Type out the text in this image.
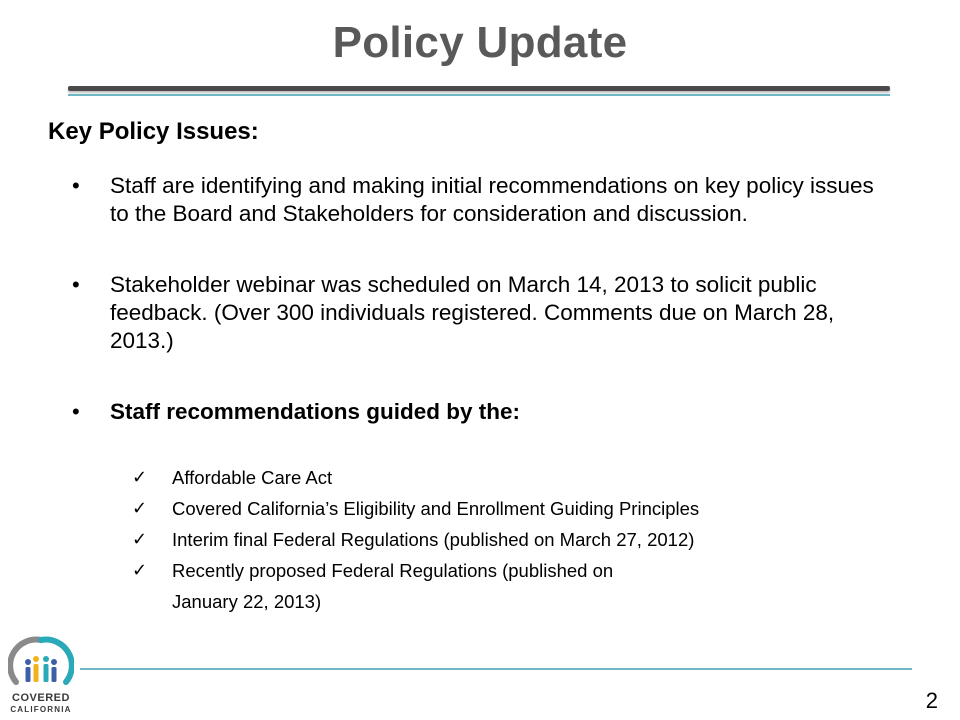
Policy Update
Key Policy Issues:
• Staff are identifying and making initial recommendations on key policy issues to the Board and Stakeholders for consideration and discussion.
• Stakeholder webinar was scheduled on March 14, 2013 to solicit public feedback. (Over 300 individuals registered. Comments due on March 28, 2013.)
• Staff recommendations guided by the:
✓ Affordable Care Act
✓ Covered California’s Eligibility and Enrollment Guiding Principles
✓ Interim final Federal Regulations (published on March 27, 2012)
✓ Recently proposed Federal Regulations (published on
January 22, 2013)
2
COVERED
CALIFORNIA
